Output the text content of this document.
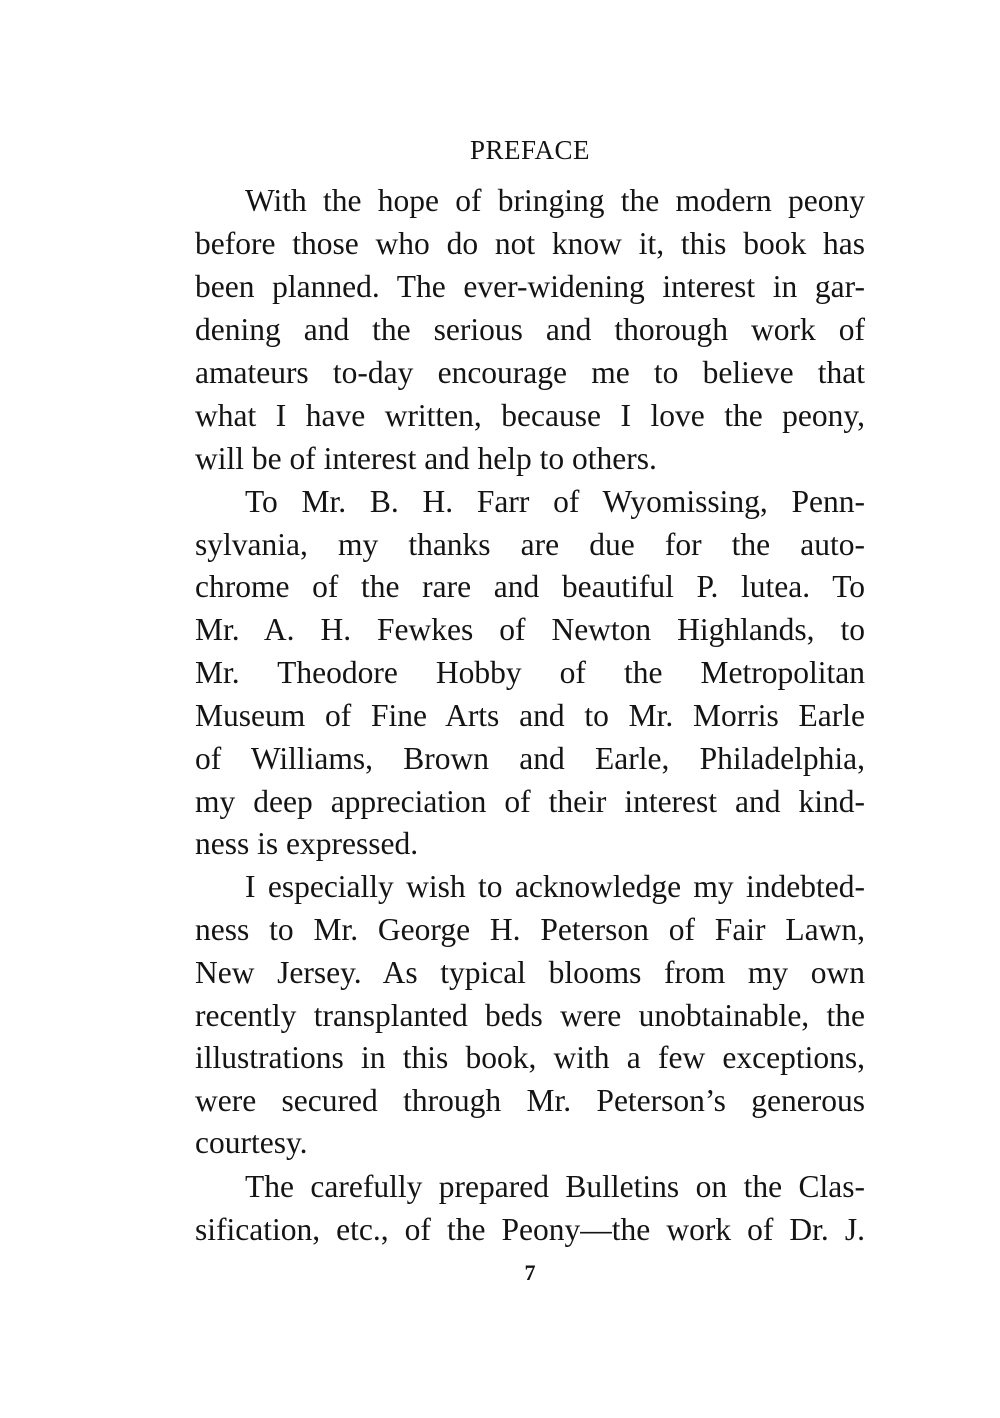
PREFACE
With the hope of bringing the modern peony
before those who do not know it, this book has
been planned. The ever-widening interest in gar-
dening and the serious and thorough work of
amateurs to-day encourage me to believe that
what I have written, because I love the peony,
will be of interest and help to others.
To Mr. B. H. Farr of Wyomissing, Penn-
sylvania, my thanks are due for the auto-
chrome of the rare and beautiful P. lutea. To
Mr. A. H. Fewkes of Newton Highlands, to
Mr. Theodore Hobby of the Metropolitan
Museum of Fine Arts and to Mr. Morris Earle
of Williams, Brown and Earle, Philadelphia,
my deep appreciation of their interest and kind-
ness is expressed.
I especially wish to acknowledge my indebted-
ness to Mr. George H. Peterson of Fair Lawn,
New Jersey. As typical blooms from my own
recently transplanted beds were unobtainable, the
illustrations in this book, with a few exceptions,
were secured through Mr. Peterson’s generous
courtesy.
The carefully prepared Bulletins on the Clas-
sification, etc., of the Peony—the work of Dr. J.
7
